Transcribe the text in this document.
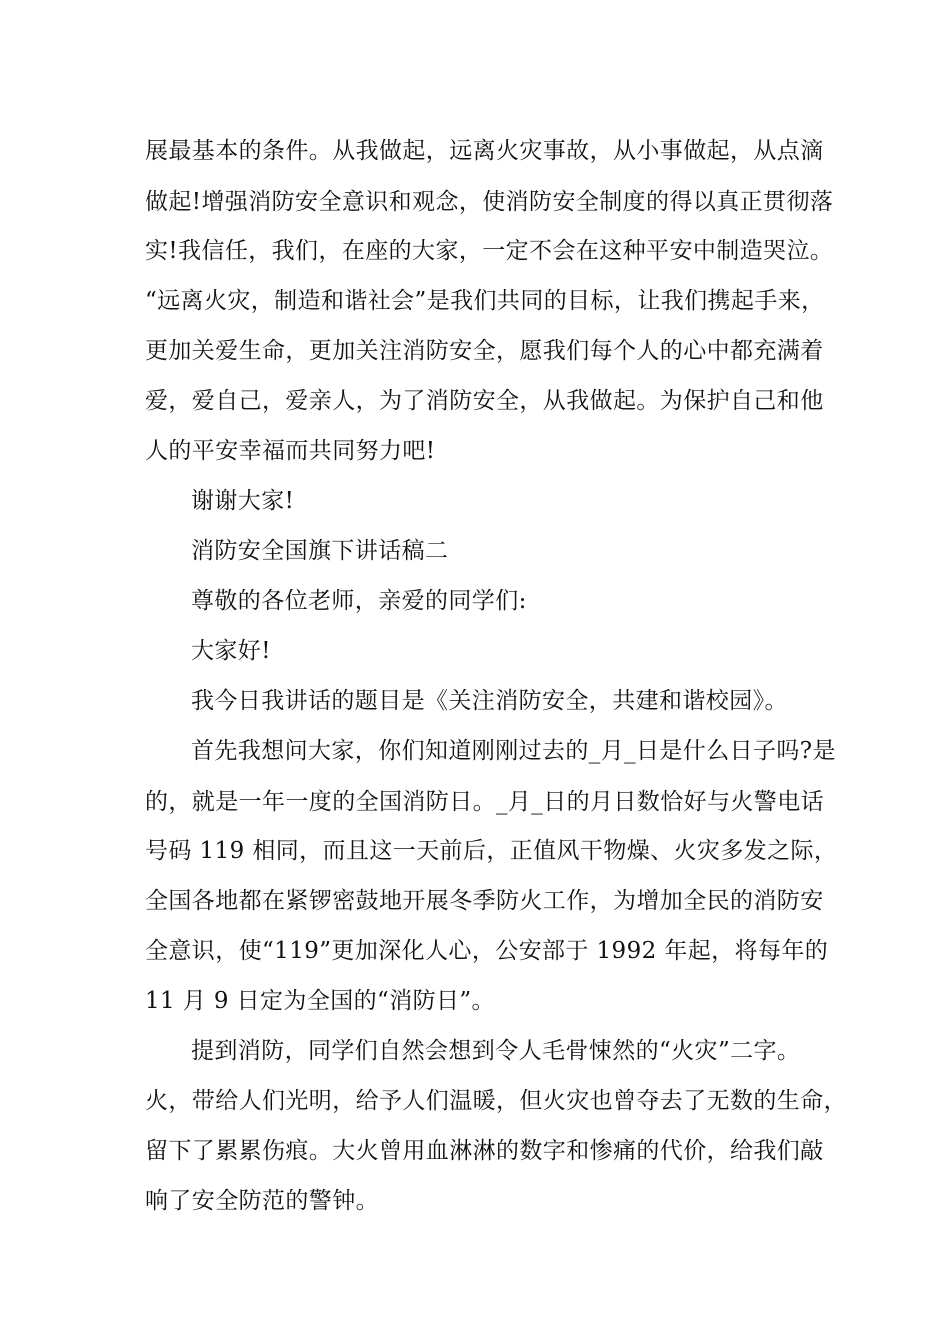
展最基本的条件。从我做起，远离火灾事故，从小事做起，从点滴
做起!增强消防安全意识和观念，使消防安全制度的得以真正贯彻落
实!我信任，我们，在座的大家，一定不会在这种平安中制造哭泣。
“远离火灾，制造和谐社会”是我们共同的目标，让我们携起手来，
更加关爱生命，更加关注消防安全，愿我们每个人的心中都充满着
爱，爱自己，爱亲人，为了消防安全，从我做起。为保护自己和他
人的平安幸福而共同努力吧!
谢谢大家!
消防安全国旗下讲话稿二
尊敬的各位老师，亲爱的同学们:
大家好!
我今日我讲话的题目是《关注消防安全，共建和谐校园》。
首先我想问大家，你们知道刚刚过去的_月_日是什么日子吗?是
的，就是一年一度的全国消防日。_月_日的月日数恰好与火警电话
号码 119 相同，而且这一天前后，正值风干物燥、火灾多发之际，
全国各地都在紧锣密鼓地开展冬季防火工作，为增加全民的消防安
全意识，使“119”更加深化人心，公安部于 1992 年起，将每年的
11 月 9 日定为全国的“消防日”。
提到消防，同学们自然会想到令人毛骨悚然的“火灾”二字。
火，带给人们光明，给予人们温暖，但火灾也曾夺去了无数的生命，
留下了累累伤痕。大火曾用血淋淋的数字和惨痛的代价，给我们敲
响了安全防范的警钟。
